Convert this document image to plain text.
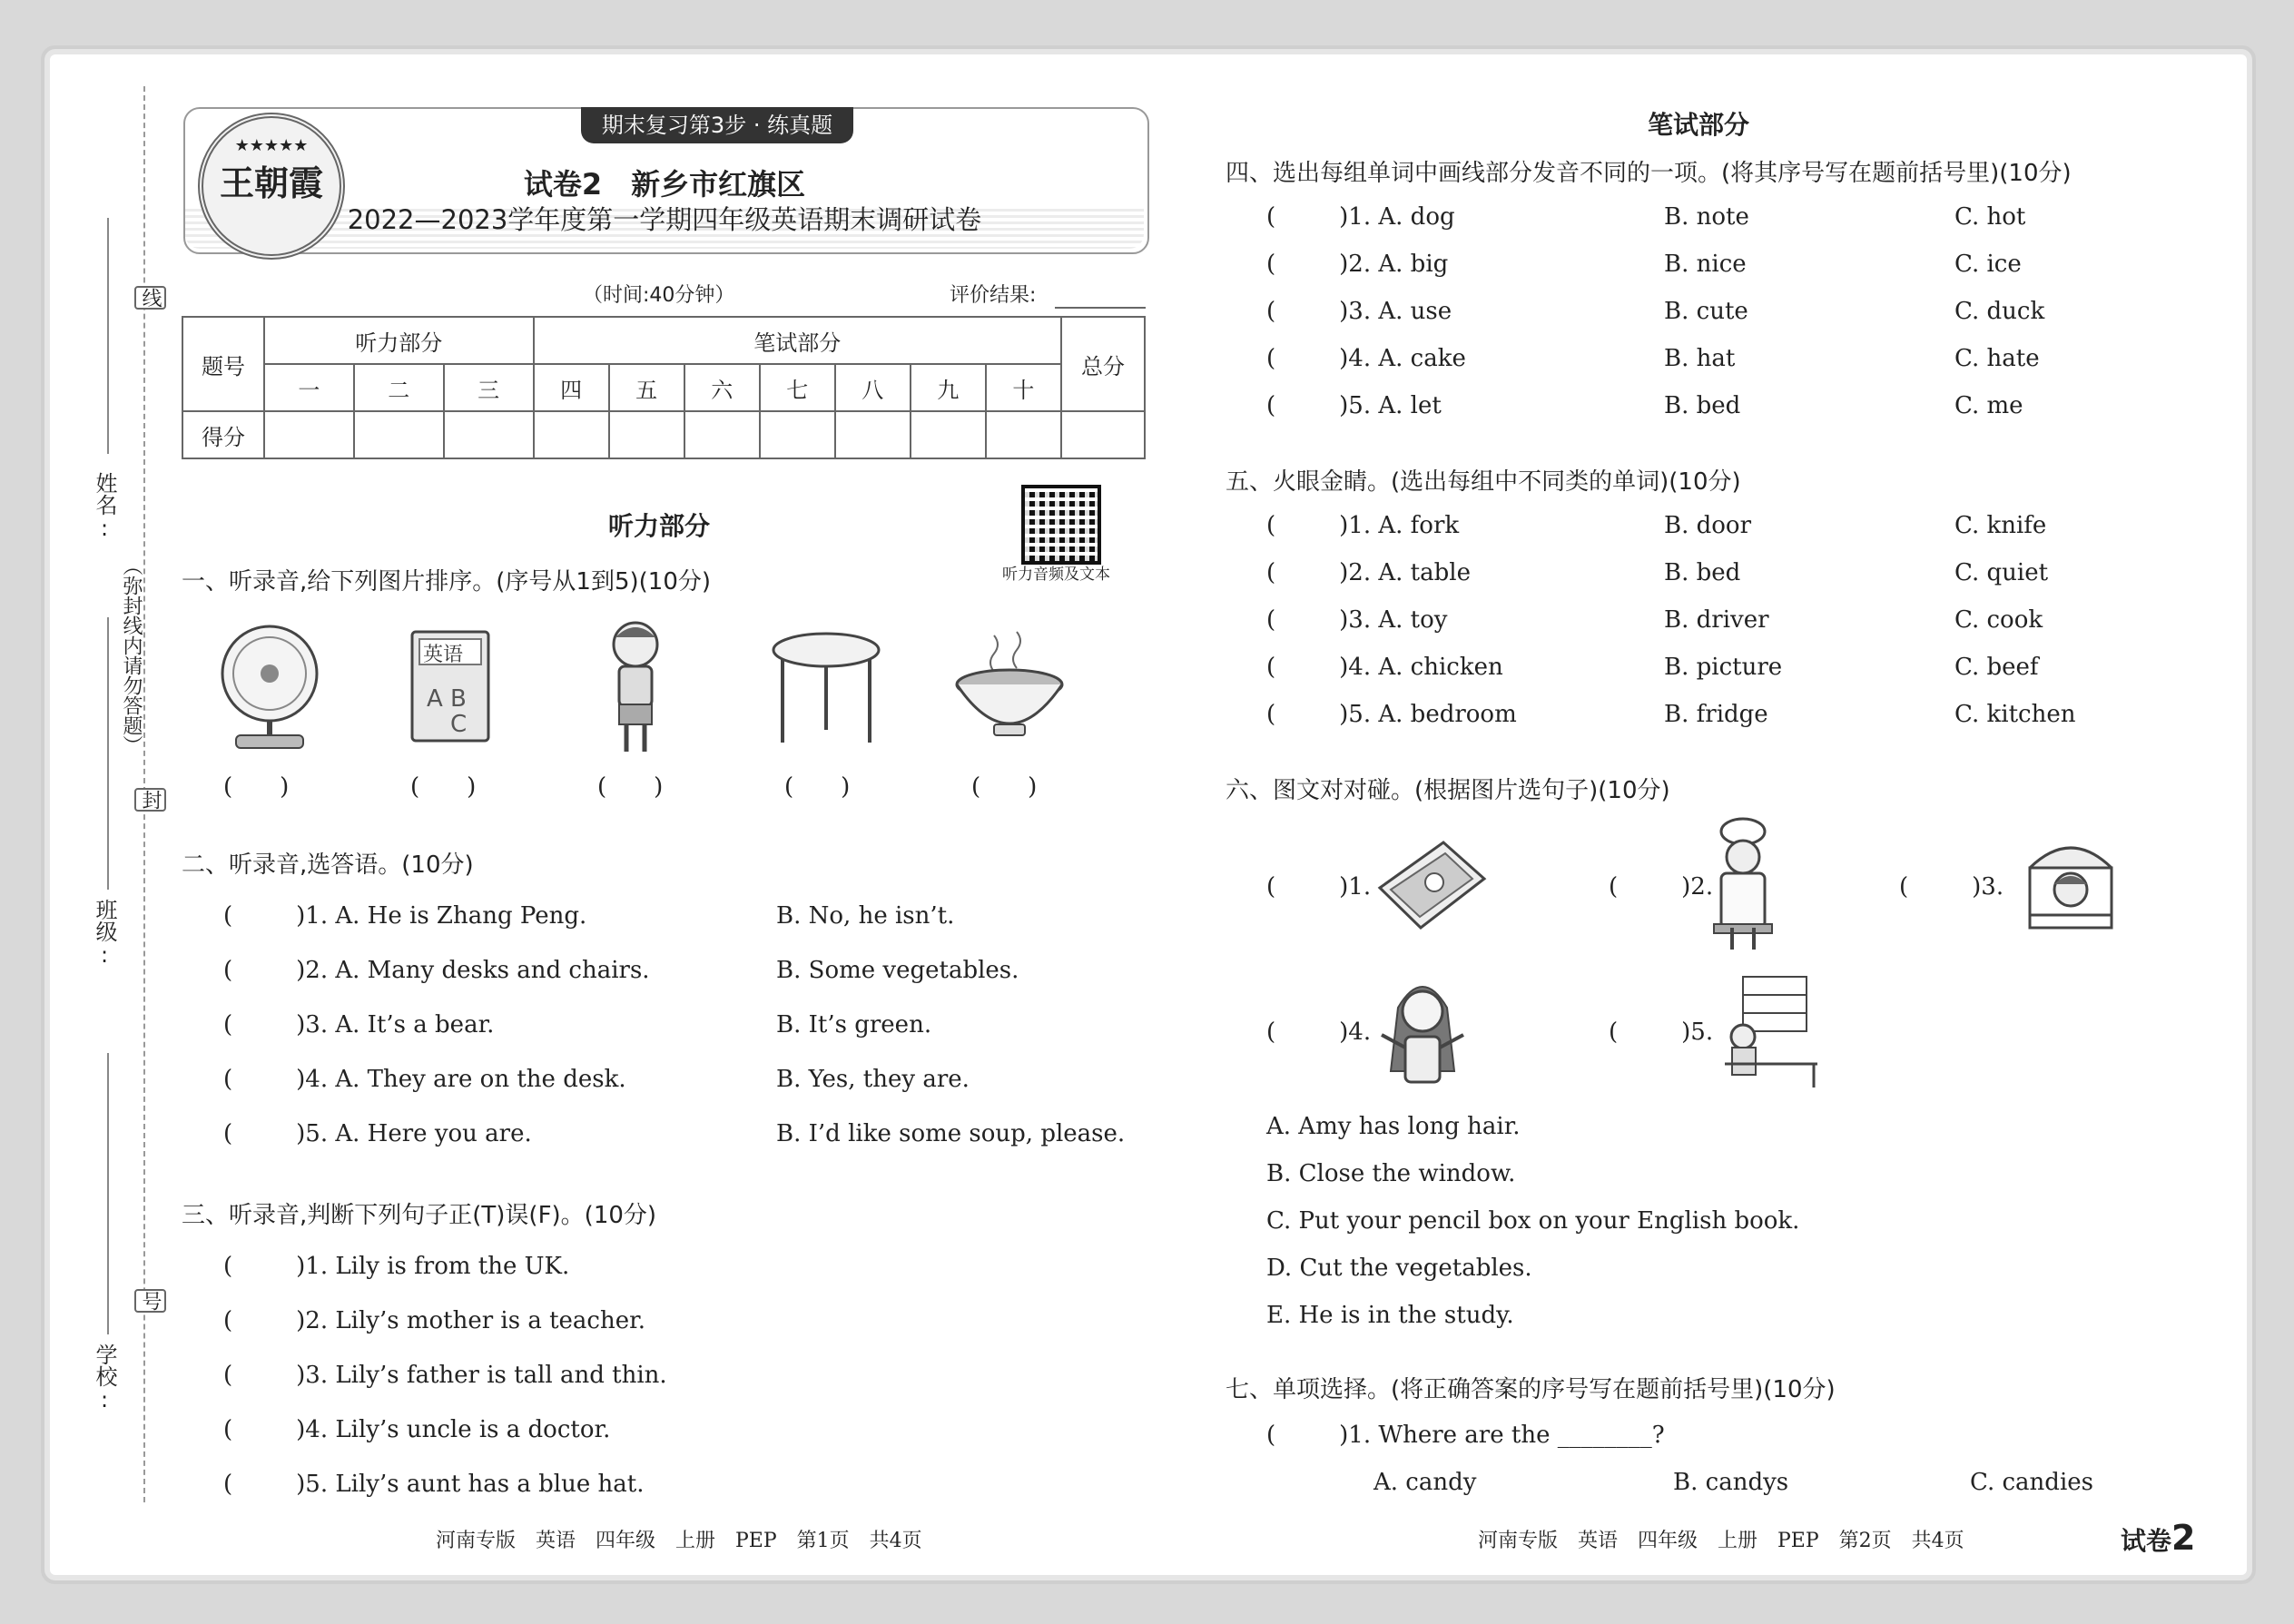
姓名:
班级:
学校:
线
封
号
（弥封线内请勿答题）
期末复习第3步 · 练真题
★★★★★
王朝霞	试卷2　新乡市红旗区
2022—2023学年度第一学期四年级英语期末调研试卷
（时间:40分钟）	评价结果:
题号	听力部分			笔试部分							总分
	一	二	三	四	五	六	七	八	九	十	
得分											
听力部分
听力音频及文本
一、听录音,给下列图片排序。(序号从1到5)(10分)
英语
A B
C
(　　)	(　　)	(　　)	(　　)	(　　)
二、听录音,选答语。(10分)
(	)1. A. He is Zhang Peng.	B. No, he isn’t.
(	)2. A. Many desks and chairs.	B. Some vegetables.
(	)3. A. It’s a bear.	B. It’s green.
(	)4. A. They are on the desk.	B. Yes, they are.
(	)5. A. Here you are.	B. I’d like some soup, please.
三、听录音,判断下列句子正(T)误(F)。(10分)
(	)1. Lily is from the UK.
(	)2. Lily’s mother is a teacher.
(	)3. Lily’s father is tall and thin.
(	)4. Lily’s uncle is a doctor.
(	)5. Lily’s aunt has a blue hat.
河南专版　英语　四年级　上册　PEP　第1页　共4页
笔试部分
四、选出每组单词中画线部分发音不同的一项。(将其序号写在题前括号里)(10分)
(	)1. A. dog	B. note	C. hot
(	)2. A. big	B. nice	C. ice
(	)3. A. use	B. cute	C. duck
(	)4. A. cake	B. hat	C. hate
(	)5. A. let	B. bed	C. me
五、火眼金睛。(选出每组中不同类的单词)(10分)
(	)1. A. fork	B. door	C. knife
(	)2. A. table	B. bed	C. quiet
(	)3. A. toy	B. driver	C. cook
(	)4. A. chicken	B. picture	C. beef
(	)5. A. bedroom	B. fridge	C. kitchen
六、图文对对碰。(根据图片选句子)(10分)
(	)1.	(	)2.	(	)3.
(	)4.	(	)5.
A. Amy has long hair.
B. Close the window.
C. Put your pencil box on your English book.
D. Cut the vegetables.
E. He is in the study.
七、单项选择。(将正确答案的序号写在题前括号里)(10分)
(	)1. Where are the ________?
A. candy	B. candys	C. candies
河南专版　英语　四年级　上册　PEP　第2页　共4页	试卷2
